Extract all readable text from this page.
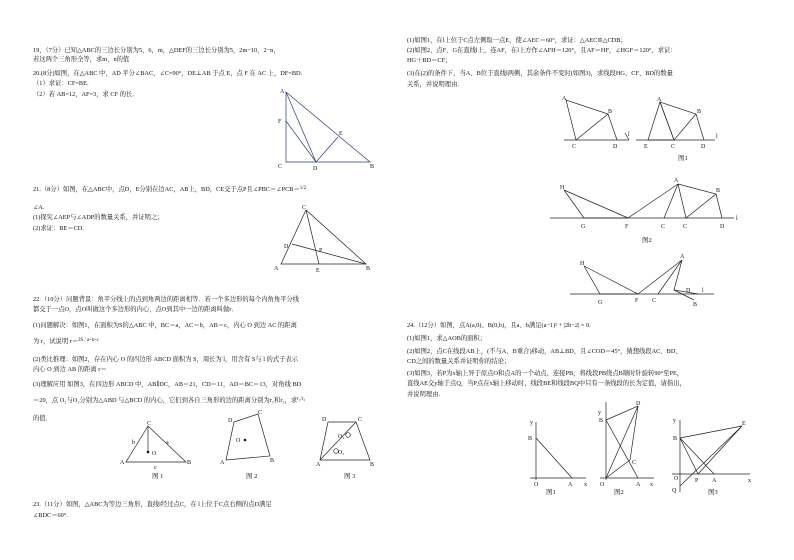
19、（7分）已知△ABC的三边长分别为5，6，m，△DEF的三边长分别为5，2m−10，2−n，
若这两个三角形全等，求m、n的值
20.(8分)如图，在△ABC 中，AD 平分∠BAC，∠C=90°，DE⊥AB 于点 E，点 F 在 AC 上，DF=BD.
（1）求证：CF=BE．
（2）若 AB=12，AF=3，求 CF 的长．	A
F
E
C	D	B
21.（8分）如图，在△ABC中，点D，E分别在边AC，AB上，BD，CE交于点P且∠PBC＝∠PCB＝$^{1/2}$
∠A.
(1)探究∠AEP与∠ADP的数量关系，并证明之；
(2)求证：BE＝CD.
C
D
P
A	E	B
22.（10分）问题背景：角平分线上的点到角两边的距离相等．若一个多边形的每个内角角平分线
都交于一点O，点O叫做这个多边形的内心，点O到其中一边的距离叫做r．
(1)问题解决：如图1，在面积为S的△ABC 中，BC＝a，AC＝b，AB＝c，内心 O 到边 AC 的距离
为 r，试说明 r＝$^{2S / a+b+c}$
(2)类比推理：如图2，存在内心 O 的四边形 ABCD 面积为 S，周长为 l，用含有 S与 l 的式子表示
内心 O 到边 AB 的距离 r＝
(3)理解应用 如图3，在四边形 ABCD 中，AB∥DC，AB＝21，CD＝11，AD＝BC＝13，对角线 BD
＝20，点 O₁与O₂分别为△ABD 与△BCD 的内心，它们到各自三角形的边的距离分别为r₁和r₂，求$^{r_1/r_2}$
的值．
C
b	a
O
A
c
B
图 1
D
C
O
A	B
图 2
D	C
O₂
O₁
A	B
图 3
23.（11分）如图，△ABC为等边三角形，直线l经过点C，在 l上位于C点右侧的点D满足
∠BDC＝60°.
(1)如图1，在l上位于C点左侧取一点E，使∠AEC＝60°，求证：△AEC≌△CDB；
(2)如图2，点F、G在直线l上，连AF，在l上方作∠AFH＝120°，且AF＝HF，∠HGF＝120°，求证：
HG＋BD＝CF；
(3)在(2)的条件下，当A、B位于直线l两侧，其余条件不变时(如图3)，求线段HG、CF、BD的数量
关系，并说明理由.
A
B
C	D
l
A
B
E	C	D
l
图1
H
A
B
G	F	C	C	D
l
图2
H
A
G	F C
D l
B
24.（12分）如图，点A(a,0)、B(0,b)，且a、b满足(a−1)² + |2b−2| = 0.
(1)如图1，求△AOB的面积；
(2)如图2，点C在线段AB上，(不与A、B重合)移动，AB⊥BD，且∠COD＝45°，猜想线段AC、BD、
CD之间的数量关系并证明你的结论；
(3)如图3，若P为x轴上异于原点O和点A的一个动点，连接PB，将线段PB绕点B顺时针旋转90°至PE，
直线AE交y轴于点Q，当P点在x轴上移动时，线段BE和线段BQ中只有一条线段的长为定值，请指出，
并说明理由.
y
B
O	A x
图1
y
D
B
C
O	A x
图2
y	E
B
O	P A	x
Q	图3
